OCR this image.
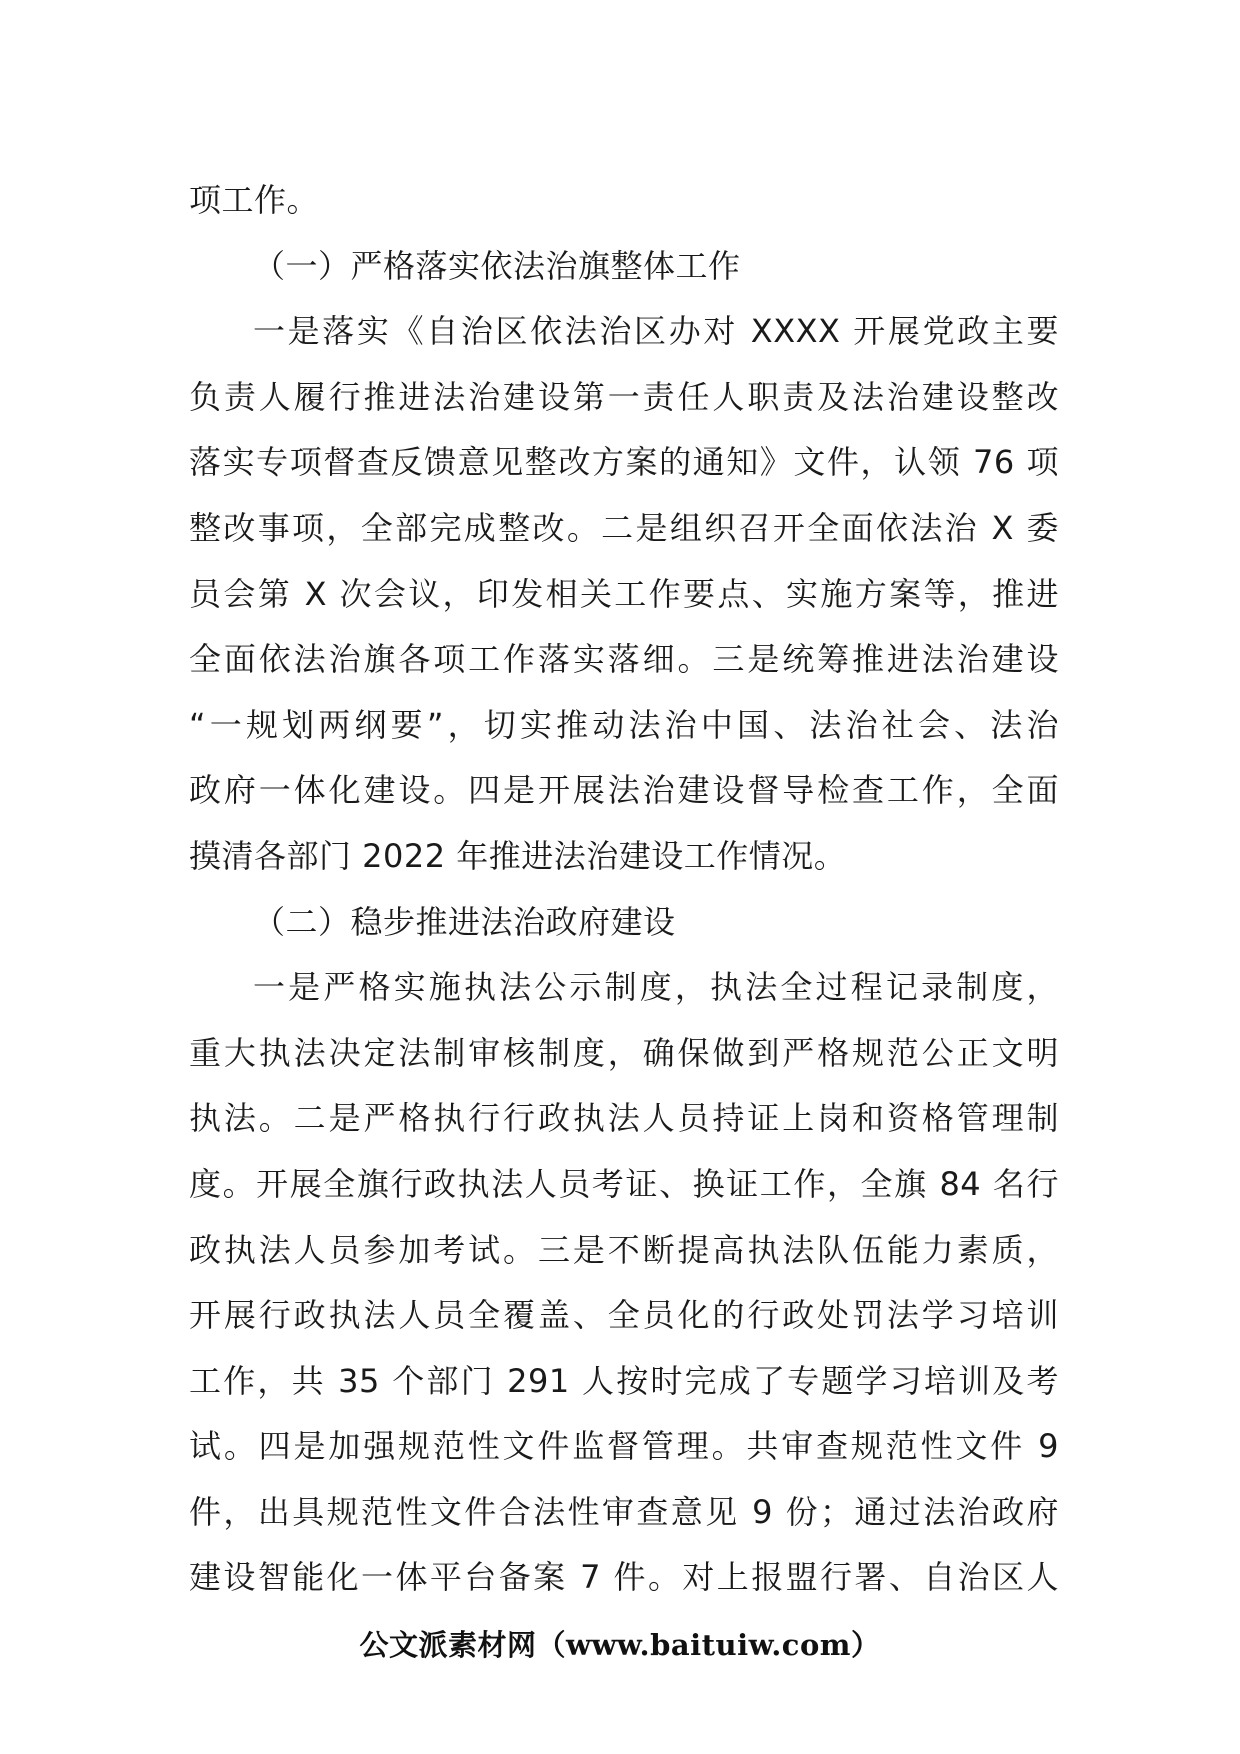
项工作。
（一）严格落实依法治旗整体工作
一是落实《自治区依法治区办对 XXXX 开展党政主要
负责人履行推进法治建设第一责任人职责及法治建设整改
落实专项督查反馈意见整改方案的通知》文件，认领 76 项
整改事项，全部完成整改。二是组织召开全面依法治 X 委
员会第 X 次会议，印发相关工作要点、实施方案等，推进
全面依法治旗各项工作落实落细。三是统筹推进法治建设
“一规划两纲要”，切实推动法治中国、法治社会、法治
政府一体化建设。四是开展法治建设督导检查工作，全面
摸清各部门 2022 年推进法治建设工作情况。
（二）稳步推进法治政府建设
一是严格实施执法公示制度，执法全过程记录制度，
重大执法决定法制审核制度，确保做到严格规范公正文明
执法。二是严格执行行政执法人员持证上岗和资格管理制
度。开展全旗行政执法人员考证、换证工作，全旗 84 名行
政执法人员参加考试。三是不断提高执法队伍能力素质，
开展行政执法人员全覆盖、全员化的行政处罚法学习培训
工作，共 35 个部门 291 人按时完成了专题学习培训及考
试。四是加强规范性文件监督管理。共审查规范性文件 9
件，出具规范性文件合法性审查意见 9 份；通过法治政府
建设智能化一体平台备案 7 件。对上报盟行署、自治区人
公文派素材网（www.baituiw.com）
